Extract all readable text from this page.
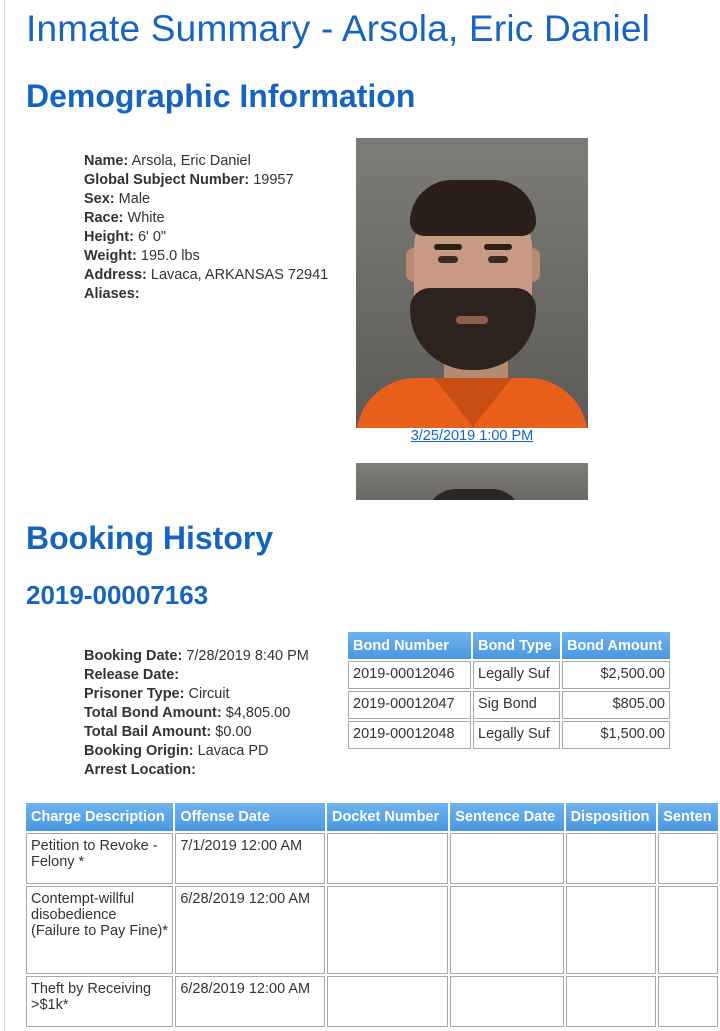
Inmate Summary - Arsola, Eric Daniel
Demographic Information
Name: Arsola, Eric Daniel
Global Subject Number: 19957
Sex: Male
Race: White
Height: 6' 0"
Weight: 195.0 lbs
Address: Lavaca, ARKANSAS 72941
Aliases:
3/25/2019 1:00 PM
Booking History
2019-00007163
Booking Date: 7/28/2019 8:40 PM
Release Date:
Prisoner Type: Circuit
Total Bond Amount: $4,805.00
Total Bail Amount: $0.00
Booking Origin: Lavaca PD
Arrest Location:
Bond Number	Bond Type	Bond Amount
2019-00012046	Legally Suf	$2,500.00
2019-00012047	Sig Bond	$805.00
2019-00012048	Legally Suf	$1,500.00
Charge Description	Offense Date	Docket Number	Sentence Date	Disposition	Senten
Petition to Revoke - Felony *	7/1/2019 12:00 AM				
Contempt-willful disobedience (Failure to Pay Fine)*	6/28/2019 12:00 AM				
Theft by Receiving >$1k*	6/28/2019 12:00 AM				
